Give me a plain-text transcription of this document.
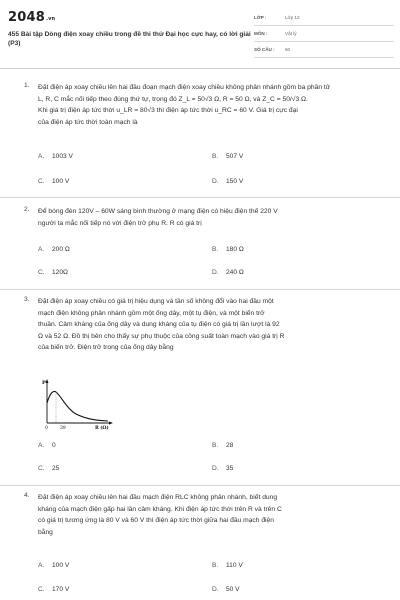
2048.vn
455 Bài tập Dòng điện xoay chiều trong đề thi thử Đại học cực hay, có lời giải (P3)
LỚP :	Lớp 12
MÔN :	Vật lý
SỐ CÂU : 50
1. Đặt điện áp xoay chiều lên hai đầu đoạn mạch điện xoay chiều không phân nhánh gồm ba phần tử
L, R, C mắc nối tiếp theo đúng thứ tự, trong đó Z_L = 50√3 Ω, R = 50 Ω, và Z_C = 50/√3 Ω.
Khi giá trị điện áp tức thời u_LR = 80√3 thì điện áp tức thời u_RC = 60 V. Giá trị cực đại
của điện áp tức thời toàn mạch là
A. 1003 V	B. 507 V
C. 100 V	D. 150 V
2. Để bóng đèn 120V – 60W sáng bình thường ở mạng điện có hiệu điện thế 220 V
người ta mắc nối tiếp nó với điện trở phụ R. R có giá trị
A. 200 Ω	B. 180 Ω
C. 120Ω	D. 240 Ω
3. Đặt điện áp xoay chiều có giá trị hiệu dụng và tần số không đổi vào hai đầu một
mạch điện không phân nhánh gồm một ống dây, một tụ điện, và một biến trở
thuần. Cảm kháng của ống dây và dung kháng của tụ điện có giá trị lần lượt là 92
Ω và 52 Ω. Đồ thị bên cho thấy sự phụ thuộc của công suất toàn mạch vào giá trị R
của biến trở. Điện trở trong của ống dây bằng
P
0	39	R (Ω)
A. 0	B. 28
C. 25	D. 35
4. Đặt điện áp xoay chiều lên hai đầu mạch điện RLC không phân nhánh, biết dung
kháng của mạch điện gấp hai lần cảm kháng. Khi điện áp tức thời trên R và trên C
có giá trị tương ứng là 80 V và 60 V thì điện áp tức thời giữa hai đầu mạch điện
bằng
A. 100 V	B. 110 V
C. 170 V	D. 50 V
